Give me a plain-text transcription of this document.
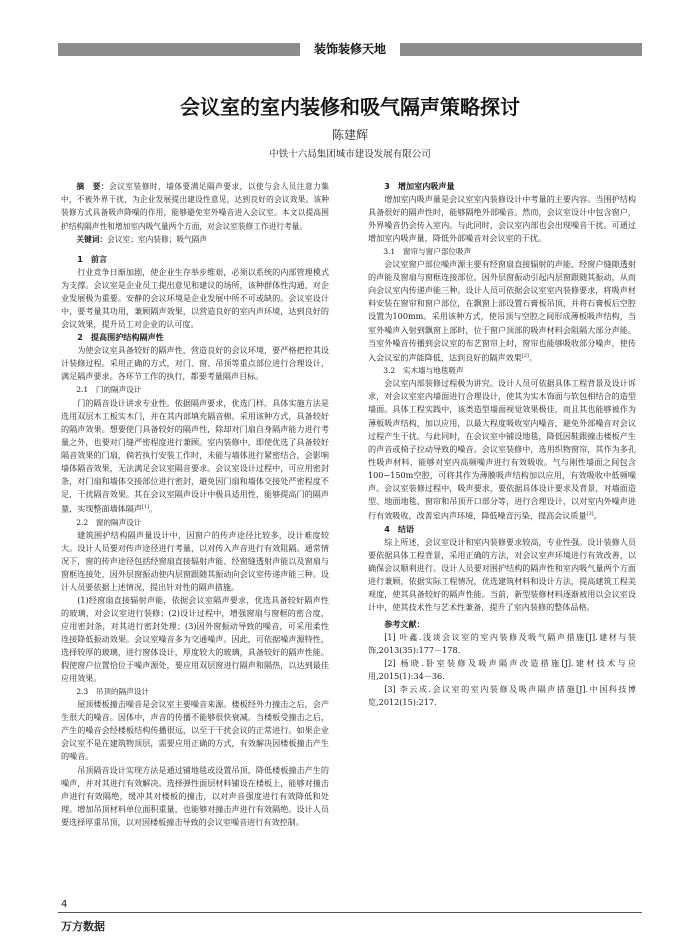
装饰装修天地
会议室的室内装修和吸气隔声策略探讨
陈建辉
中铁十六局集团城市建设发展有限公司

摘　要：会议室装修时，墙体要满足隔声要求，以使与会人员注意力集中，不被外界干扰，为企业发展提出建设性意见，达到良好的会议效果。该种装修方式具备吸声降噪的作用，能够避免室外噪音进入会议室。本文以提高围护结构隔声性和增加室内吸气量两个方面，对会议室装修工作进行考量。

关键词：会议室；室内装修；吸气隔声

1　前言

行业竞争日渐加剧，使企业生存举步维艰，必须以系统的内部管理模式为支撑。会议室是企业员工提出意见和建议的场所，该种群体性沟通，对企业发展极为重要。安静的会议环境是企业发展中所不可或缺的。会议室设计中，要考量其功用，兼顾隔声效果，以营造良好的室内声环境，达到良好的会议效果，提升员工对企业的认可度。

2　提高围护结构隔声性

为使会议室具备较好的隔声性，营造良好的会议环境，要严格把控其设计装修过程。采用正确的方式，对门、窗、吊顶等重点部位进行合理设计，满足隔声要求。各环节工作的执行，都要考量隔声目标。

2.1　门的隔声设计

门的隔音设计讲求专业性。依据隔声要求，优选门样。具体实施方法是选用双层木工板实木门，并在其内部填充隔音棉。采用该种方式，具备较好的隔声效果。想要使门具备较好的隔声性，除却对门扇自身隔声能力进行考量之外，也要对门缝严密程度进行兼顾。室内装修中，即使优选了具备较好隔音效果的门扇，倘若执行安装工作时，未能与墙体进行紧密结合，会影响墙体隔音效果，无法满足会议室隔音要求。会议室设计过程中，可应用密封条，对门扇和墙体交接部位进行密封，避免因门扇和墙体交接处严密程度不足，干扰隔音效果。其在会议室隔声设计中极具适用性，能够提高门的隔声量，实现整面墙体隔声[1]。

2.2　窗的隔声设计

建筑围护结构隔声量设计中，因窗户的传声途径比较多，设计难度较大。设计人员要对传声途径进行考量，以对传入声音进行有效阻隔。通常情况下，窗的传声途径包括经窗扇直接辐射声能、经窗缝透射声能以及窗扇与窗框连接处，因外层窗振动使内层窗跟随其振动向会议室传递声能三种。设计人员要依据上述情况，提出针对性的隔声措施。

(1)经窗扇直接辐射声能，依据会议室隔声要求，优选具备较好隔声性的玻璃，对会议室进行装修；(2)设计过程中，增强窗扇与窗框的密合度，应用密封条，对其进行密封处理；(3)因外窗振动导致的噪音，可采用柔性连接降低振动效果。会议室噪音多为交通噪声。因此，可依据噪声源特性，选择较厚的玻璃，进行窗体设计，厚度较大的玻璃，具备较好的隔声性能。假使窗户位置恰位于噪声源处，要应用双层窗进行隔声和隔热，以达到最佳应用效果。

2.3　吊顶的隔声设计

屋顶楼板撞击噪音是会议室主要噪音来源。楼板经外力撞击之后，会产生很大的噪音。因体中，声音的传播不能够很快衰减。当楼板受撞击之后，产生的噪音会经楼板结构传播很远，以至于干扰会议的正常进行。如果企业会议室不是在建筑物顶层，需要应用正确的方式，有效解决因楼板撞击产生的噪音。

吊顶隔音设计实现方法是通过铺地毯或设置吊顶，降低楼板撞击产生的噪声，并对其进行有效解决。选择弹性面层材料铺设在楼板上，能够对撞击声进行有效隔绝，缓冲其对楼板的撞击，以对声音强度进行有效降低和处理。增加吊顶材料单位面积重量，也能够对撞击声进行有效隔绝。设计人员要选择厚重吊顶，以对因楼板撞击导致的会议室噪音进行有效控制。

3　增加室内吸声量

增加室内吸声量是会议室室内装修设计中考量的主要内容。当围护结构具备很好的隔声性时，能够隔绝外部噪音。然而，会议室设计中包含窗户，外界噪音仍会传入室内。与此同时，会议室内部也会出现噪音干扰。可通过增加室内吸声量，降低外部噪音对会议室的干扰。

3.1　窗帘与窗户部位吸声

会议室窗户部位噪声源主要有经窗扇直接辐射的声能、经窗户缝隙透射的声能及窗扇与窗框连接部位，因外层窗振动引起内层窗跟随其振动，从而向会议室内传递声能三种。设计人员可依据会议室室内装修要求，将吸声材料安装在窗帘和窗户部位，在飘窗上部设置石膏板吊顶，并将石膏板后空腔设置为100mm。采用该种方式，使吊顶与空腔之间形成薄板吸声结构，当室外噪声入射到飘窗上部时，位于窗户顶部的吸声材料会阻隔大部分声能。当室外噪音传播到会议室的布艺窗帘上时，窗帘也能够吸收部分噪声，使传入会议室的声能降低，达到良好的隔声效果[2]。

3.2　实木墙与地毯吸声

会议室内部装修过程极为讲究。设计人员可依据具体工程背景及设计诉求，对会议室室内墙面进行合理设计，使其为实木饰面与软包相结合的造型墙面。具体工程实践中，该类造型墙面视觉效果极佳，而且其也能够被作为薄板吸声结构，加以应用，以最大程度吸收室内噪音，避免外部噪音对会议过程产生干扰。与此同时，在会议室中铺设地毯，降低因鞋跟撞击楼板产生的声音或椅子拉动导致的噪音。会议室装修中，选用织物窗帘，其作为多孔性吸声材料，能够对室内高频噪声进行有效吸收。气与刚性墙面之间包含100~150m空腔，可将其作为薄膜吸声结构加以应用，有效吸收中低频噪声。会议室装修过程中，吸声要求，要依据具体设计要求及背景，对墙面造型、地面地毯、窗帘和吊顶开口部分等，进行合理设计，以对室内外噪声进行有效吸收，改善室内声环境，降低噪音污染，提高会议质量[3]。

4　结语

综上所述，会议室设计和室内装修要求较高，专业性强。设计装修人员要依据具体工程背景，采用正确的方法，对会议室声环境进行有效改善，以确保会议顺利进行。设计人员要对围护结构的隔声性和室内吸气量两个方面进行兼顾，依据实际工程情况，优选建筑材料和设计方法，提高建筑工程美观度，使其具备较好的隔声性能。当前，新型装修材料逐渐被用以会议室设计中，使其技术性与艺术性兼备，提升了室内装修的整体品格。

参考文献：

[1] 叶鑫.浅谈会议室的室内装修及吸气隔声措施[J].建材与装饰,2013(35):177－178.

[2] 杨晓.卧室装修及吸声隔声改造措施[J].建材技术与应用,2015(1):34－36.

[3] 李云成.会议室的室内装修及吸声隔声措施[J].中国科技博览,2012(15):217.

4
万方数据
